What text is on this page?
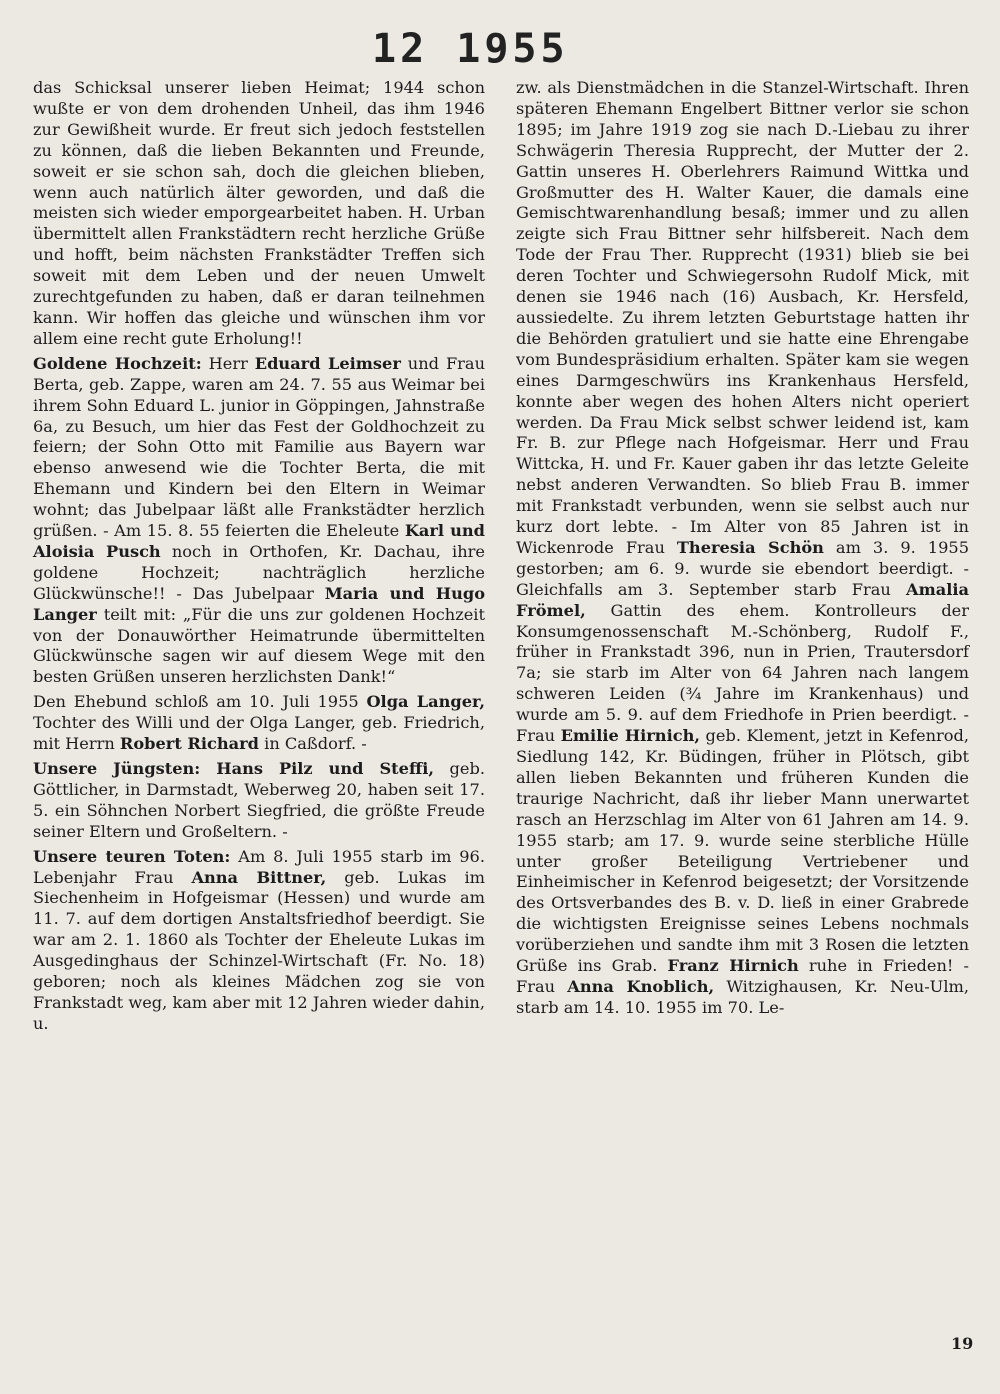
12 1955

das Schicksal unserer lieben Heimat; 1944 schon wußte er von dem drohenden Unheil, das ihm 1946 zur Gewißheit wurde. Er freut sich jedoch feststellen zu können, daß die lieben Bekannten und Freunde, soweit er sie schon sah, doch die gleichen blieben, wenn auch natürlich älter geworden, und daß die meisten sich wieder emporgearbeitet haben. H. Urban übermittelt allen Frankstädtern recht herzliche Grüße und hofft, beim nächsten Frankstädter Treffen sich soweit mit dem Leben und der neuen Umwelt zurechtgefunden zu haben, daß er daran teilnehmen kann. Wir hoffen das gleiche und wünschen ihm vor allem eine recht gute Erholung!!

Goldene Hochzeit: Herr Eduard Leimser und Frau Berta, geb. Zappe, waren am 24. 7. 55 aus Weimar bei ihrem Sohn Eduard L. junior in Göppingen, Jahnstraße 6a, zu Besuch, um hier das Fest der Goldhochzeit zu feiern; der Sohn Otto mit Familie aus Bayern war ebenso anwesend wie die Tochter Berta, die mit Ehemann und Kindern bei den Eltern in Weimar wohnt; das Jubelpaar läßt alle Frankstädter herzlich grüßen. - Am 15. 8. 55 feierten die Eheleute Karl und Aloisia Pusch noch in Orthofen, Kr. Dachau, ihre goldene Hochzeit; nachträglich herzliche Glückwünsche!! - Das Jubelpaar Maria und Hugo Langer teilt mit: „Für die uns zur goldenen Hochzeit von der Donauwörther Heimatrunde übermittelten Glückwünsche sagen wir auf diesem Wege mit den besten Grüßen unseren herzlichsten Dank!“

Den Ehebund schloß am 10. Juli 1955 Olga Langer, Tochter des Willi und der Olga Langer, geb. Friedrich, mit Herrn Robert Richard in Caßdorf. -

Unsere Jüngsten: Hans Pilz und Steffi, geb. Göttlicher, in Darmstadt, Weberweg 20, haben seit 17. 5. ein Söhnchen Norbert Siegfried, die größte Freude seiner Eltern und Großeltern. -

Unsere teuren Toten: Am 8. Juli 1955 starb im 96. Lebenjahr Frau Anna Bittner, geb. Lukas im Siechenheim in Hofgeismar (Hessen) und wurde am 11. 7. auf dem dortigen Anstaltsfriedhof beerdigt. Sie war am 2. 1. 1860 als Tochter der Eheleute Lukas im Ausgedinghaus der Schinzel-Wirtschaft (Fr. No. 18) geboren; noch als kleines Mädchen zog sie von Frankstadt weg, kam aber mit 12 Jahren wieder dahin, u.

zw. als Dienstmädchen in die Stanzel-Wirtschaft. Ihren späteren Ehemann Engelbert Bittner verlor sie schon 1895; im Jahre 1919 zog sie nach D.-Liebau zu ihrer Schwägerin Theresia Rupprecht, der Mutter der 2. Gattin unseres H. Oberlehrers Raimund Wittka und Großmutter des H. Walter Kauer, die damals eine Gemischtwarenhandlung besaß; immer und zu allen zeigte sich Frau Bittner sehr hilfsbereit. Nach dem Tode der Frau Ther. Rupprecht (1931) blieb sie bei deren Tochter und Schwiegersohn Rudolf Mick, mit denen sie 1946 nach (16) Ausbach, Kr. Hersfeld, aussiedelte. Zu ihrem letzten Geburtstage hatten ihr die Behörden gratuliert und sie hatte eine Ehrengabe vom Bundespräsidium erhalten. Später kam sie wegen eines Darmgeschwürs ins Krankenhaus Hersfeld, konnte aber wegen des hohen Alters nicht operiert werden. Da Frau Mick selbst schwer leidend ist, kam Fr. B. zur Pflege nach Hofgeismar. Herr und Frau Wittcka, H. und Fr. Kauer gaben ihr das letzte Geleite nebst anderen Verwandten. So blieb Frau B. immer mit Frankstadt verbunden, wenn sie selbst auch nur kurz dort lebte. - Im Alter von 85 Jahren ist in Wickenrode Frau Theresia Schön am 3. 9. 1955 gestorben; am 6. 9. wurde sie ebendort beerdigt. - Gleichfalls am 3. September starb Frau Amalia Frömel, Gattin des ehem. Kontrolleurs der Konsumgenossenschaft M.-Schönberg, Rudolf F., früher in Frankstadt 396, nun in Prien, Trautersdorf 7a; sie starb im Alter von 64 Jahren nach langem schweren Leiden (¾ Jahre im Krankenhaus) und wurde am 5. 9. auf dem Friedhofe in Prien beerdigt. - Frau Emilie Hirnich, geb. Klement, jetzt in Kefenrod, Siedlung 142, Kr. Büdingen, früher in Plötsch, gibt allen lieben Bekannten und früheren Kunden die traurige Nachricht, daß ihr lieber Mann unerwartet rasch an Herzschlag im Alter von 61 Jahren am 14. 9. 1955 starb; am 17. 9. wurde seine sterbliche Hülle unter großer Beteiligung Vertriebener und Einheimischer in Kefenrod beigesetzt; der Vorsitzende des Ortsverbandes des B. v. D. ließ in einer Grabrede die wichtigsten Ereignisse seines Lebens nochmals vorüberziehen und sandte ihm mit 3 Rosen die letzten Grüße ins Grab. Franz Hirnich ruhe in Frieden! - Frau Anna Knoblich, Witzighausen, Kr. Neu-Ulm, starb am 14. 10. 1955 im 70. Le-

19
